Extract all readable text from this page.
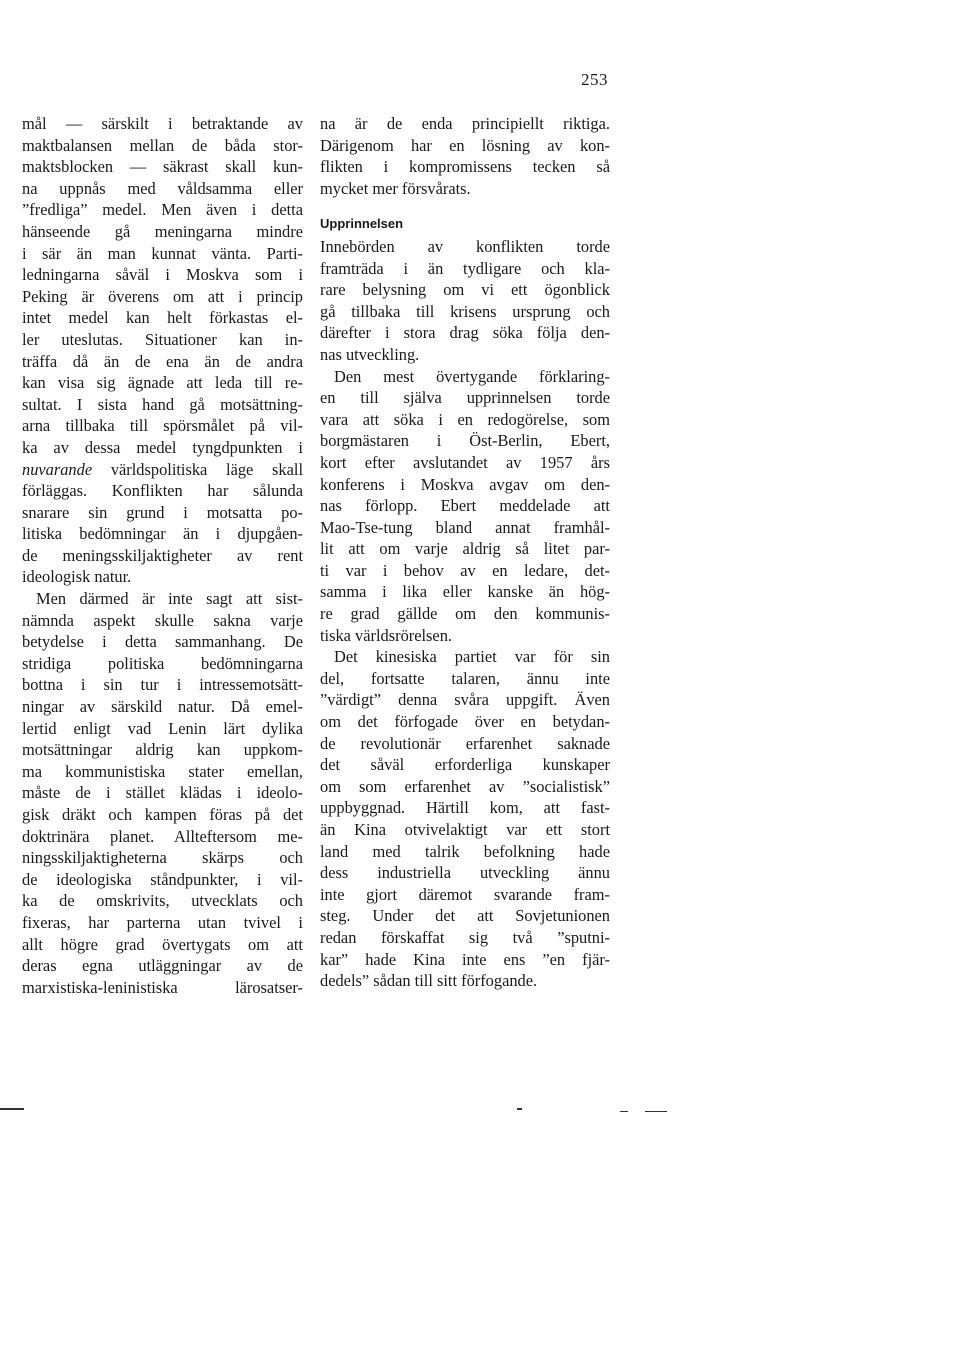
253
mål — särskilt i betraktande av
maktbalansen mellan de båda stor-
maktsblocken — säkrast skall kun-
na uppnås med våldsamma eller
”fredliga” medel. Men även i detta
hänseende gå meningarna mindre
i sär än man kunnat vänta. Parti-
ledningarna såväl i Moskva som i
Peking är överens om att i princip
intet medel kan helt förkastas el-
ler uteslutas. Situationer kan in-
träffa då än de ena än de andra
kan visa sig ägnade att leda till re-
sultat. I sista hand gå motsättning-
arna tillbaka till spörsmålet på vil-
ka av dessa medel tyngdpunkten i
nuvarande världspolitiska läge skall
förläggas. Konflikten har sålunda
snarare sin grund i motsatta po-
litiska bedömningar än i djupgåen-
de meningsskiljaktigheter av rent
ideologisk natur.
Men därmed är inte sagt att sist-
nämnda aspekt skulle sakna varje
betydelse i detta sammanhang. De
stridiga politiska bedömningarna
bottna i sin tur i intressemotsätt-
ningar av särskild natur. Då emel-
lertid enligt vad Lenin lärt dylika
motsättningar aldrig kan uppkom-
ma kommunistiska stater emellan,
måste de i stället klädas i ideolo-
gisk dräkt och kampen föras på det
doktrinära planet. Allteftersom me-
ningsskiljaktigheterna skärps och
de ideologiska ståndpunkter, i vil-
ka de omskrivits, utvecklats och
fixeras, har parterna utan tvivel i
allt högre grad övertygats om att
deras egna utläggningar av de
marxistiska-leninistiska lärosatser-
na är de enda principiellt riktiga.
Därigenom har en lösning av kon-
flikten i kompromissens tecken så
mycket mer försvårats.
Upprinnelsen
Innebörden av konflikten torde
framträda i än tydligare och kla-
rare belysning om vi ett ögonblick
gå tillbaka till krisens ursprung och
därefter i stora drag söka följa den-
nas utveckling.
Den mest övertygande förklaring-
en till själva upprinnelsen torde
vara att söka i en redogörelse, som
borgmästaren i Öst-Berlin, Ebert,
kort efter avslutandet av 1957 års
konferens i Moskva avgav om den-
nas förlopp. Ebert meddelade att
Mao-Tse-tung bland annat framhål-
lit att om varje aldrig så litet par-
ti var i behov av en ledare, det-
samma i lika eller kanske än hög-
re grad gällde om den kommunis-
tiska världsrörelsen.
Det kinesiska partiet var för sin
del, fortsatte talaren, ännu inte
”värdigt” denna svåra uppgift. Även
om det förfogade över en betydan-
de revolutionär erfarenhet saknade
det såväl erforderliga kunskaper
om som erfarenhet av ”socialistisk”
uppbyggnad. Härtill kom, att fast-
än Kina otvivelaktigt var ett stort
land med talrik befolkning hade
dess industriella utveckling ännu
inte gjort däremot svarande fram-
steg. Under det att Sovjetunionen
redan förskaffat sig två ”sputni-
kar” hade Kina inte ens ”en fjär-
dedels” sådan till sitt förfogande.
